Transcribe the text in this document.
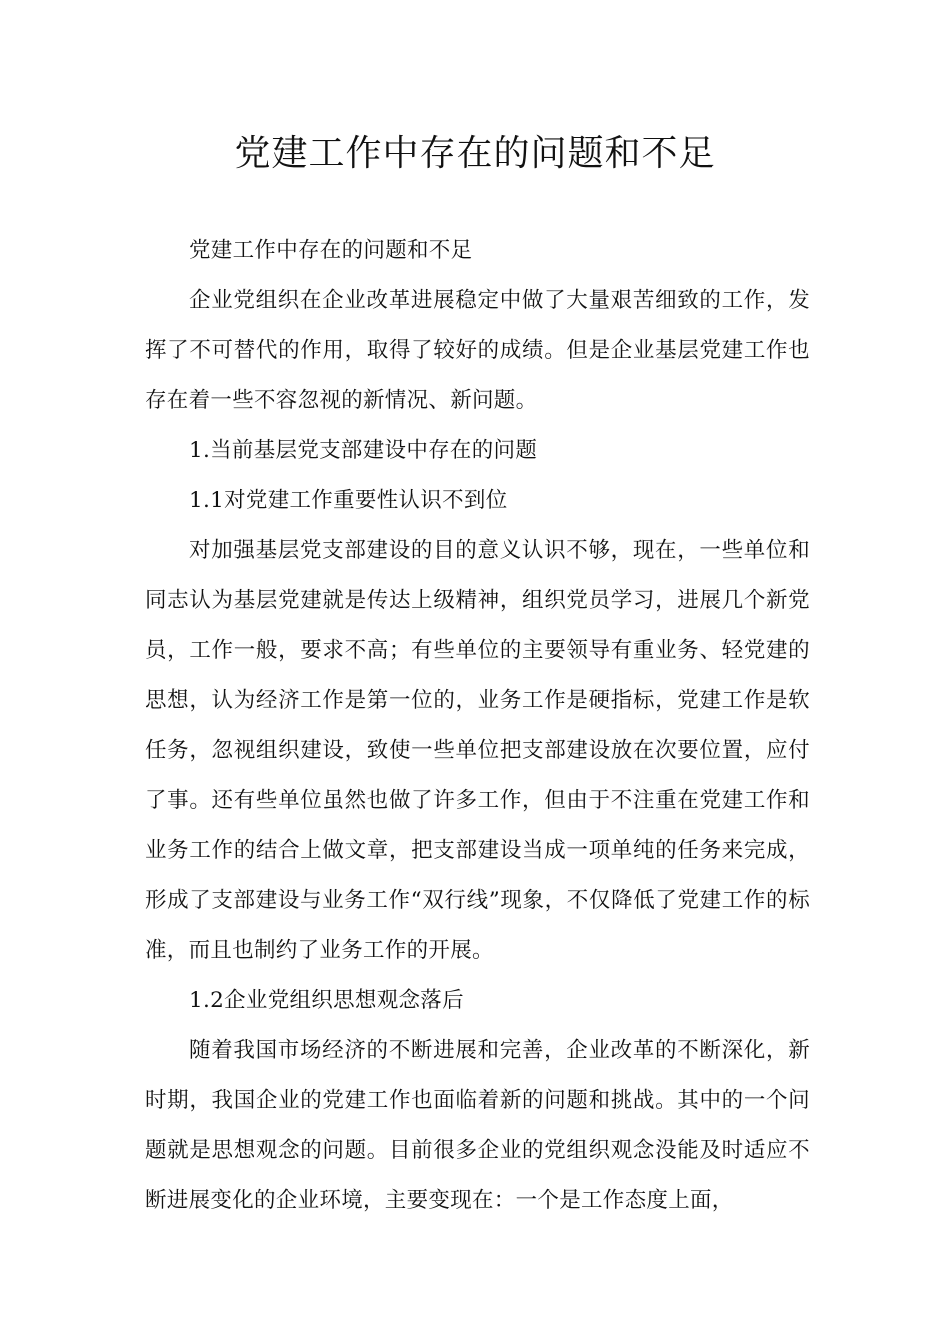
党建工作中存在的问题和不足

党建工作中存在的问题和不足

企业党组织在企业改革进展稳定中做了大量艰苦细致的工作，发挥了不可替代的作用，取得了较好的成绩。但是企业基层党建工作也存在着一些不容忽视的新情况、新问题。

1.当前基层党支部建设中存在的问题

1.1对党建工作重要性认识不到位

对加强基层党支部建设的目的意义认识不够，现在，一些单位和同志认为基层党建就是传达上级精神，组织党员学习，进展几个新党员，工作一般，要求不高；有些单位的主要领导有重业务、轻党建的思想，认为经济工作是第一位的，业务工作是硬指标，党建工作是软任务，忽视组织建设，致使一些单位把支部建设放在次要位置，应付了事。还有些单位虽然也做了许多工作，但由于不注重在党建工作和业务工作的结合上做文章，把支部建设当成一项单纯的任务来完成，形成了支部建设与业务工作“双行线”现象，不仅降低了党建工作的标准，而且也制约了业务工作的开展。

1.2企业党组织思想观念落后

随着我国市场经济的不断进展和完善，企业改革的不断深化，新时期，我国企业的党建工作也面临着新的问题和挑战。其中的一个问题就是思想观念的问题。目前很多企业的党组织观念没能及时适应不断进展变化的企业环境，主要变现在：一个是工作态度上面，
